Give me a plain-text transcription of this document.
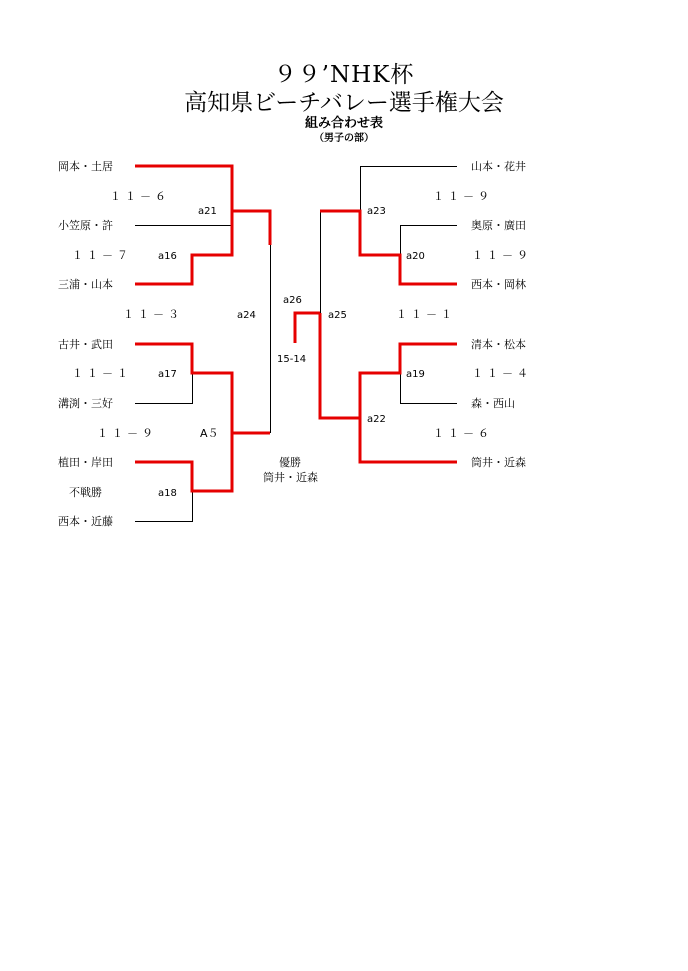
９９’NHK杯
高知県ビーチバレー選手権大会
組み合わせ表
（男子の部）
岡本・土居
小笠原・許
三浦・山本
古井・武田
溝渕・三好
植田・岸田
不戦勝
西本・近藤
１１－６
１１－７
１１－３
１１－１
１１－９
a21
a16
a17
A５
a18
a24
山本・花井
奥原・廣田
西本・岡林
清本・松本
森・西山
筒井・近森
１１－９
１１－９
１１－１
１１－４
１１－６
a23
a20
a25
a19
a22
a26
15-14
優勝
筒井・近森
